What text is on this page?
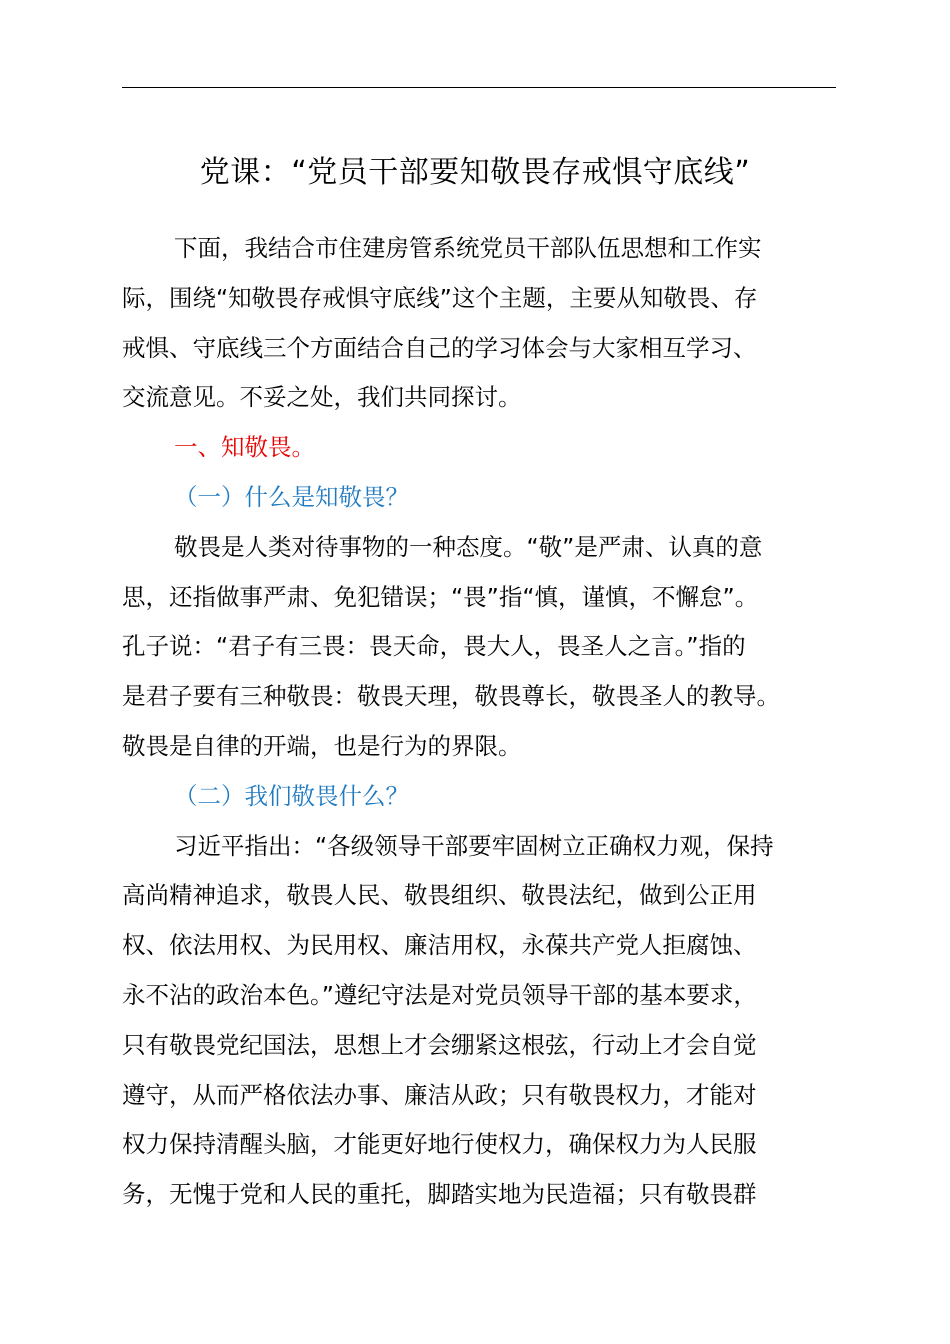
党课：“党员干部要知敬畏存戒惧守底线”
下面，我结合市住建房管系统党员干部队伍思想和工作实
际，围绕“知敬畏存戒惧守底线”这个主题，主要从知敬畏、存
戒惧、守底线三个方面结合自己的学习体会与大家相互学习、
交流意见。不妥之处，我们共同探讨。
一、知敬畏。
（一）什么是知敬畏？
敬畏是人类对待事物的一种态度。“敬”是严肃、认真的意
思，还指做事严肃、免犯错误；“畏”指“慎，谨慎，不懈怠”。
孔子说：“君子有三畏：畏天命，畏大人，畏圣人之言。”指的
是君子要有三种敬畏：敬畏天理，敬畏尊长，敬畏圣人的教导。
敬畏是自律的开端，也是行为的界限。
（二）我们敬畏什么？
习近平指出：“各级领导干部要牢固树立正确权力观，保持
高尚精神追求，敬畏人民、敬畏组织、敬畏法纪，做到公正用
权、依法用权、为民用权、廉洁用权，永葆共产党人拒腐蚀、
永不沾的政治本色。”遵纪守法是对党员领导干部的基本要求，
只有敬畏党纪国法，思想上才会绷紧这根弦，行动上才会自觉
遵守，从而严格依法办事、廉洁从政；只有敬畏权力，才能对
权力保持清醒头脑，才能更好地行使权力，确保权力为人民服
务，无愧于党和人民的重托，脚踏实地为民造福；只有敬畏群
